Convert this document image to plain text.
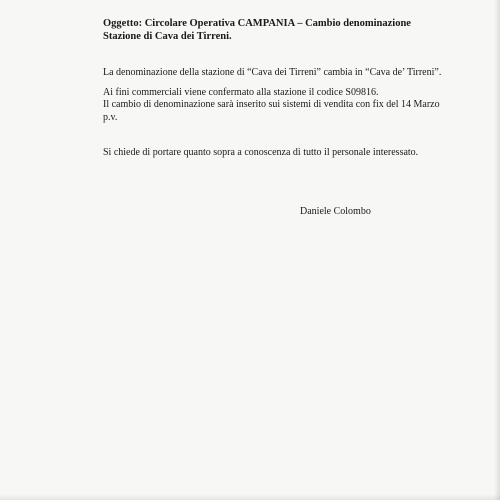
Oggetto: Circolare Operativa CAMPANIA – Cambio denominazione Stazione di Cava dei Tirreni.
La denominazione della stazione di “Cava dei Tirreni” cambia in “Cava de’ Tirreni”.
Ai fini commerciali viene confermato alla stazione il codice S09816.
Il cambio di denominazione sarà inserito sui sistemi di vendita con fix del 14 Marzo p.v.
Si chiede di portare quanto sopra a conoscenza di tutto il personale interessato.
Daniele Colombo
